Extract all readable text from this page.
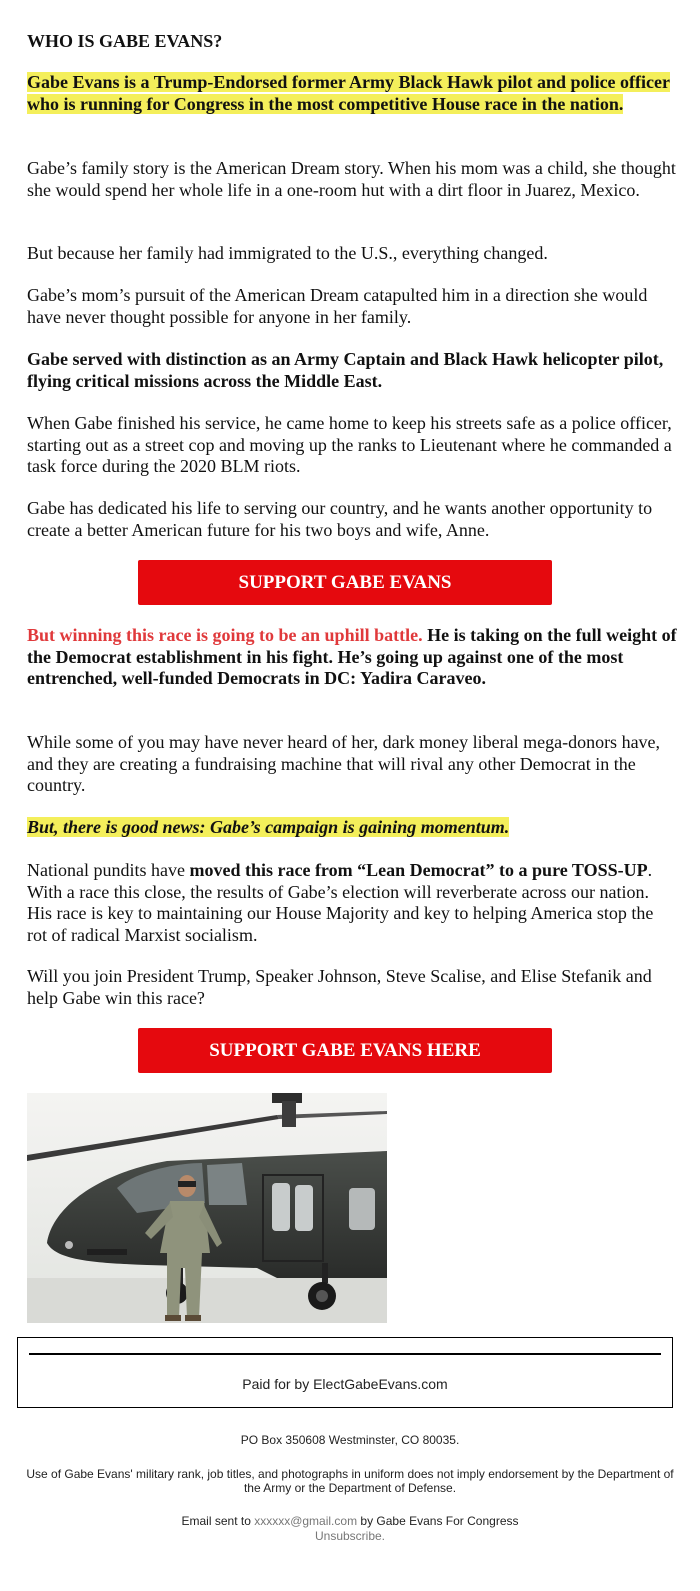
WHO IS GABE EVANS?

Gabe Evans is a Trump-Endorsed former Army Black Hawk pilot and police officer who is running for Congress in the most competitive House race in the nation.

Gabe’s family story is the American Dream story. When his mom was a child, she thought she would spend her whole life in a one-room hut with a dirt floor in Juarez, Mexico.

But because her family had immigrated to the U.S., everything changed.

Gabe’s mom’s pursuit of the American Dream catapulted him in a direction she would have never thought possible for anyone in her family.

Gabe served with distinction as an Army Captain and Black Hawk helicopter pilot, flying critical missions across the Middle East.

When Gabe finished his service, he came home to keep his streets safe as a police officer, starting out as a street cop and moving up the ranks to Lieutenant where he commanded a task force during the 2020 BLM riots.

Gabe has dedicated his life to serving our country, and he wants another opportunity to create a better American future for his two boys and wife, Anne.

But winning this race is going to be an uphill battle. He is taking on the full weight of the Democrat establishment in his fight. He’s going up against one of the most entrenched, well-funded Democrats in DC: Yadira Caraveo.

While some of you may have never heard of her, dark money liberal mega-donors have, and they are creating a fundraising machine that will rival any other Democrat in the country.

But, there is good news: Gabe’s campaign is gaining momentum.

National pundits have moved this race from “Lean Democrat” to a pure TOSS-UP. With a race this close, the results of Gabe’s election will reverberate across our nation. His race is key to maintaining our House Majority and key to helping America stop the rot of radical Marxist socialism.

Will you join President Trump, Speaker Johnson, Steve Scalise, and Elise Stefanik and help Gabe win this race?

SUPPORT GABE EVANS
SUPPORT GABE EVANS HERE
Paid for by ElectGabeEvans.com
PO Box 350608 Westminster, CO 80035.
Use of Gabe Evans' military rank, job titles, and photographs in uniform does not imply endorsement by the Department of the Army or the Department of Defense.
Email sent to xxxxxx@gmail.com by Gabe Evans For Congress
Unsubscribe.
